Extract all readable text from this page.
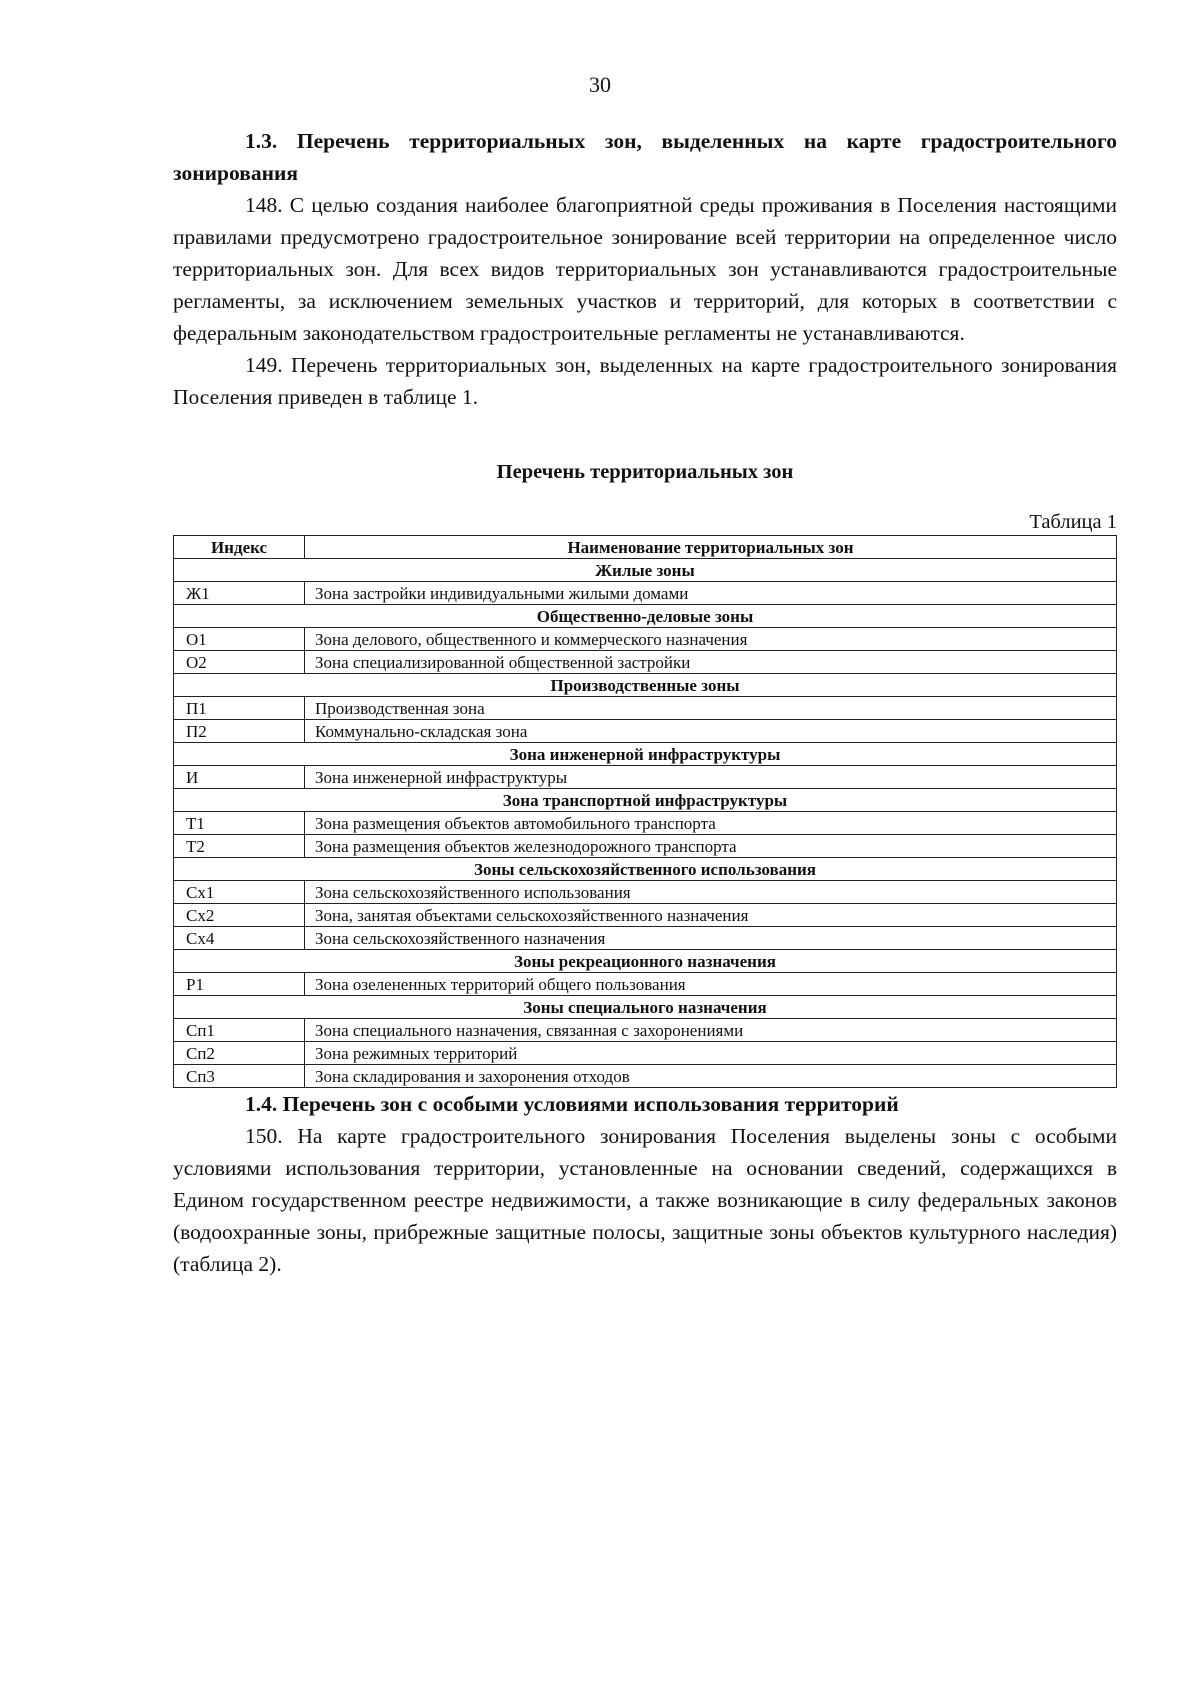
30
1.3. Перечень территориальных зон, выделенных на карте градостроительного зонирования

148. С целью создания наиболее благоприятной среды проживания в Поселения настоящими правилами предусмотрено градостроительное зонирование всей территории на определенное число территориальных зон. Для всех видов территориальных зон устанавливаются градостроительные регламенты, за исключением земельных участков и территорий, для которых в соответствии с федеральным законодательством градостроительные регламенты не устанавливаются.

149. Перечень территориальных зон, выделенных на карте градостроительного зонирования Поселения приведен в таблице 1.

Перечень территориальных зон
Таблица 1
Индекс	Наименование территориальных зон
Жилые зоны	
Ж1	Зона застройки индивидуальными жилыми домами
Общественно-деловые зоны	
О1	Зона делового, общественного и коммерческого назначения
О2	Зона специализированной общественной застройки
Производственные зоны	
П1	Производственная зона
П2	Коммунально-складская зона
Зона инженерной инфраструктуры	
И	Зона инженерной инфраструктуры
Зона транспортной инфраструктуры	
Т1	Зона размещения объектов автомобильного транспорта
Т2	Зона размещения объектов железнодорожного транспорта
Зоны сельскохозяйственного использования	
Сх1	Зона сельскохозяйственного использования
Сх2	Зона, занятая объектами сельскохозяйственного назначения
Сх4	Зона сельскохозяйственного назначения
Зоны рекреационного назначения	
Р1	Зона озелененных территорий общего пользования
Зоны специального назначения	
Сп1	Зона специального назначения, связанная с захоронениями
Сп2	Зона режимных территорий
Сп3	Зона складирования и захоронения отходов
1.4. Перечень зон с особыми условиями использования территорий

150. На карте градостроительного зонирования Поселения выделены зоны с особыми условиями использования территории, установленные на основании сведений, содержащихся в Едином государственном реестре недвижимости, а также возникающие в силу федеральных законов (водоохранные зоны, прибрежные защитные полосы, защитные зоны объектов культурного наследия) (таблица 2).
